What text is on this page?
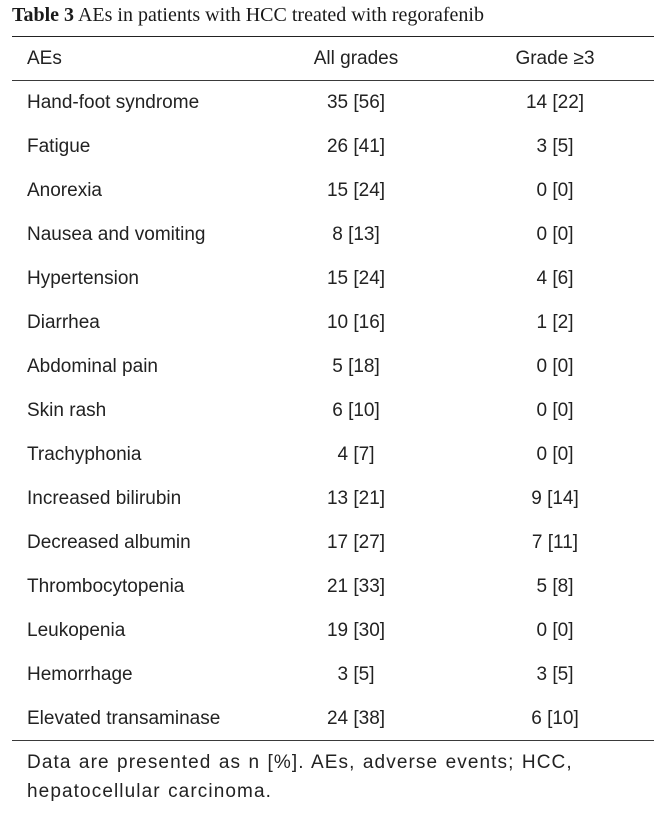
Table 3 AEs in patients with HCC treated with regorafenib
AEs	All grades	Grade ≥3
Hand-foot syndrome	35 [56]	14 [22]
Fatigue	26 [41]	3 [5]
Anorexia	15 [24]	0 [0]
Nausea and vomiting	8 [13]	0 [0]
Hypertension	15 [24]	4 [6]
Diarrhea	10 [16]	1 [2]
Abdominal pain	5 [18]	0 [0]
Skin rash	6 [10]	0 [0]
Trachyphonia	4 [7]	0 [0]
Increased bilirubin	13 [21]	9 [14]
Decreased albumin	17 [27]	7 [11]
Thrombocytopenia	21 [33]	5 [8]
Leukopenia	19 [30]	0 [0]
Hemorrhage	3 [5]	3 [5]
Elevated transaminase	24 [38]	6 [10]
Data are presented as n [%]. AEs, adverse events; HCC, hepatocellular carcinoma.
